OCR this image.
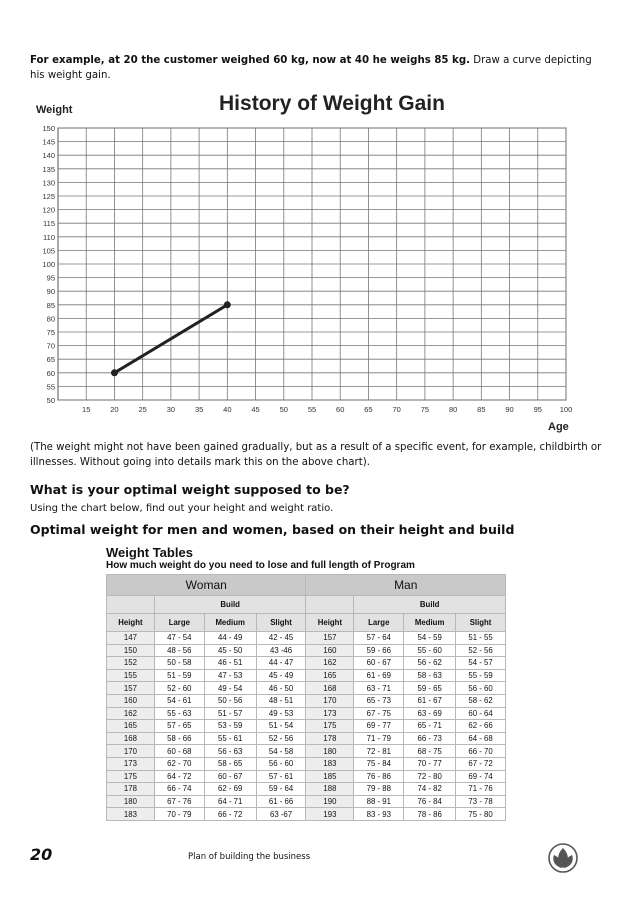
For example, at 20 the customer weighed 60 kg, now at 40 he weighs 85 kg. Draw a curve depicting his weight gain.
History of Weight Gain
Weight
Age
50
55
60
65
70
75
80
85
90
95
100
105
110
115
120
125
130
135
140
145
150
15	20	25	30	35	40	45	50	55	60	65	70	75	80	85	90	95 100
(The weight might not have been gained gradually, but as a result of a specific event, for example, childbirth or illnesses. Without going into details mark this on the above chart).
What is your optimal weight supposed to be?
Using the chart below, find out your height and weight ratio.
Optimal weight for men and women, based on their height and build
Weight Tables
How much weight do you need to lose and full length of Program
Woman				Man			
	Build				Build		
Height	Large	Medium	Slight	Height	Large	Medium	Slight
147	47 - 54	44 - 49	42 - 45	157	57 - 64	54 - 59	51 - 55
150	48 - 56	45 - 50	43 -46	160	59 - 66	55 - 60	52 - 56
152	50 - 58	46 - 51	44 - 47	162	60 - 67	56 - 62	54 - 57
155	51 - 59	47 - 53	45 - 49	165	61 - 69	58 - 63	55 - 59
157	52 - 60	49 - 54	46 - 50	168	63 - 71	59 - 65	56 - 60
160	54 - 61	50 - 56	48 - 51	170	65 - 73	61 - 67	58 - 62
162	55 - 63	51 - 57	49 - 53	173	67 - 75	63 - 69	60 - 64
165	57 - 65	53 - 59	51 - 54	175	69 - 77	65 - 71	62 - 66
168	58 - 66	55 - 61	52 - 56	178	71 - 79	66 - 73	64 - 68
170	60 - 68	56 - 63	54 - 58	180	72 - 81	68 - 75	66 - 70
173	62 - 70	58 - 65	56 - 60	183	75 - 84	70 - 77	67 - 72
175	64 - 72	60 - 67	57 - 61	185	76 - 86	72 - 80	69 - 74
178	66 - 74	62 - 69	59 - 64	188	79 - 88	74 - 82	71 - 76
180	67 - 76	64 - 71	61 - 66	190	88 - 91	76 - 84	73 - 78
183	70 - 79	66 - 72	63 -67	193	83 - 93	78 - 86	75 - 80
20	Plan of building the business
